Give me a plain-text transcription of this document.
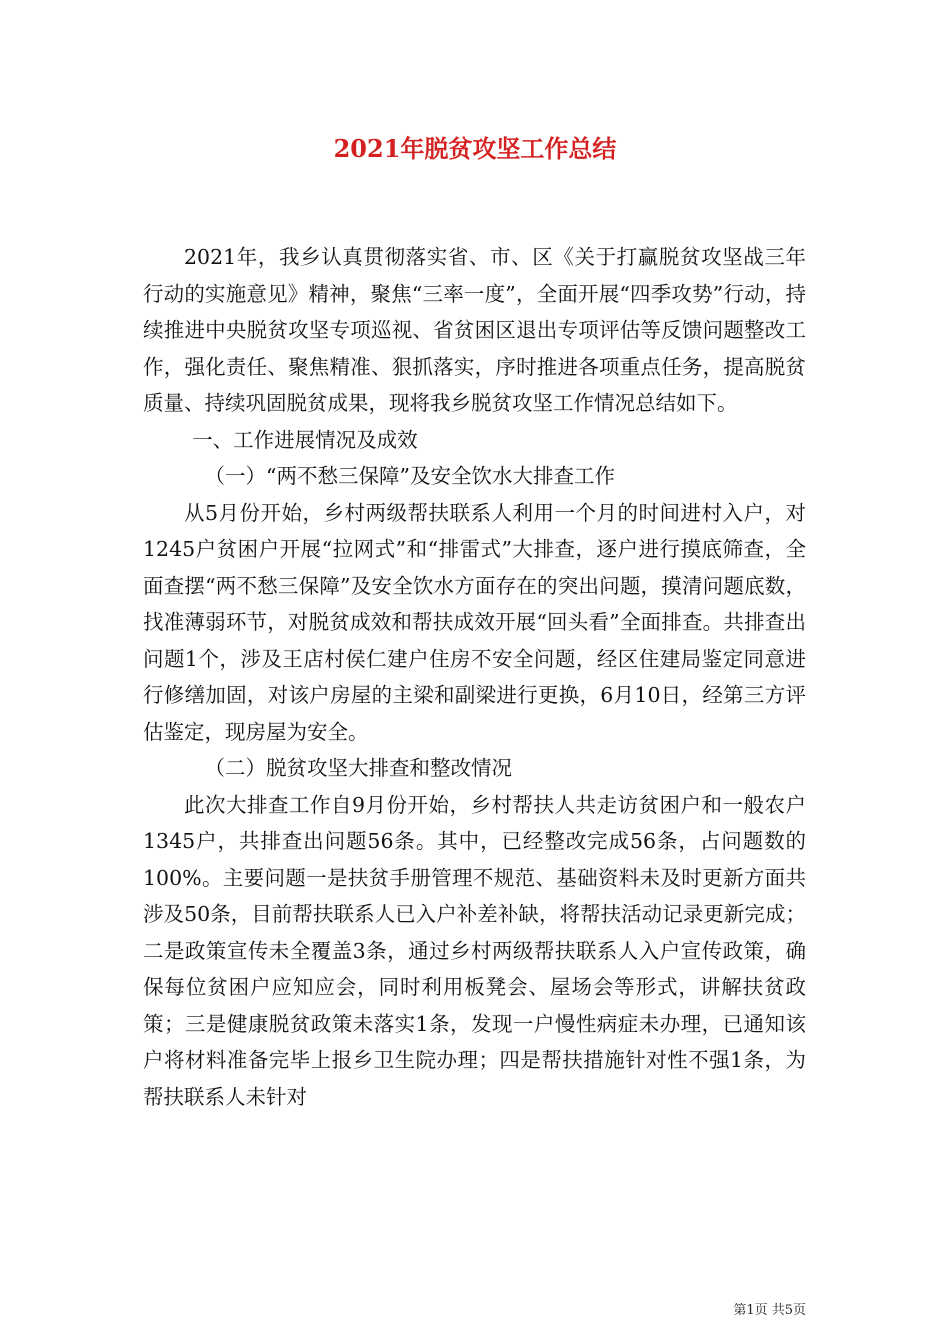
2021年脱贫攻坚工作总结

2021年，我乡认真贯彻落实省、市、区《关于打赢脱贫攻坚战三年行动的实施意见》精神，聚焦“三率一度”，全面开展“四季攻势”行动，持续推进中央脱贫攻坚专项巡视、省贫困区退出专项评估等反馈问题整改工作，强化责任、聚焦精准、狠抓落实，序时推进各项重点任务，提高脱贫质量、持续巩固脱贫成果，现将我乡脱贫攻坚工作情况总结如下。

一、工作进展情况及成效

（一）“两不愁三保障”及安全饮水大排查工作

从5月份开始，乡村两级帮扶联系人利用一个月的时间进村入户，对1245户贫困户开展“拉网式”和“排雷式”大排查，逐户进行摸底筛查，全面查摆“两不愁三保障”及安全饮水方面存在的突出问题，摸清问题底数，找准薄弱环节，对脱贫成效和帮扶成效开展“回头看”全面排查。共排查出问题1个，涉及王店村侯仁建户住房不安全问题，经区住建局鉴定同意进行修缮加固，对该户房屋的主梁和副梁进行更换，6月10日，经第三方评估鉴定，现房屋为安全。

（二）脱贫攻坚大排查和整改情况

此次大排查工作自9月份开始，乡村帮扶人共走访贫困户和一般农户1345户，共排查出问题56条。其中，已经整改完成56条，占问题数的100%。主要问题一是扶贫手册管理不规范、基础资料未及时更新方面共涉及50条，目前帮扶联系人已入户补差补缺，将帮扶活动记录更新完成；二是政策宣传未全覆盖3条，通过乡村两级帮扶联系人入户宣传政策，确保每位贫困户应知应会，同时利用板凳会、屋场会等形式，讲解扶贫政策；三是健康脱贫政策未落实1条，发现一户慢性病症未办理，已通知该户将材料准备完毕上报乡卫生院办理；四是帮扶措施针对性不强1条，为帮扶联系人未针对

第1页 共5页
